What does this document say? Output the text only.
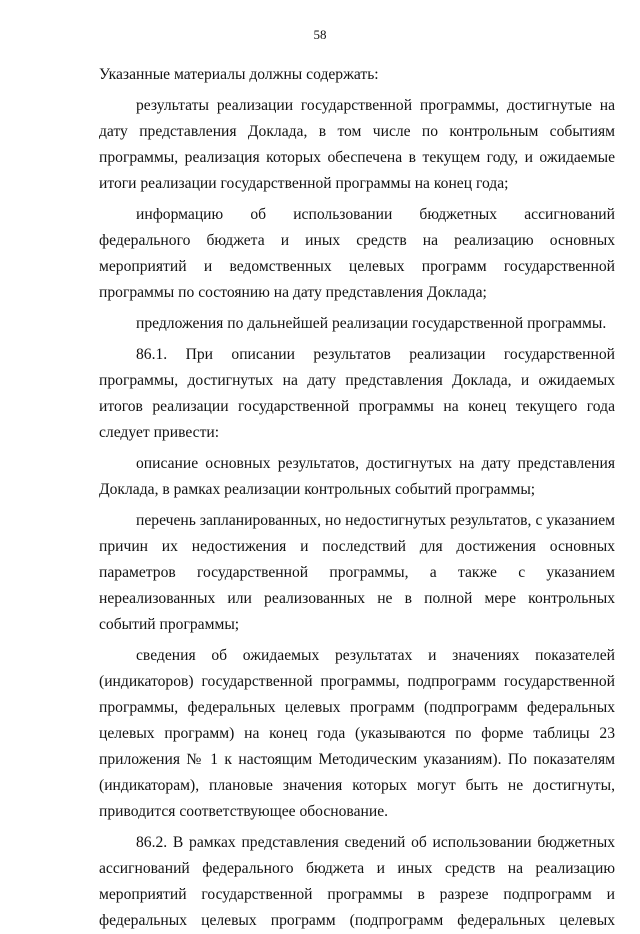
58

Указанные материалы должны содержать:

результаты реализации государственной программы, достигнутые на дату представления Доклада, в том числе по контрольным событиям программы, реализация которых обеспечена в текущем году, и ожидаемые итоги реализации государственной программы на конец года;

информацию об использовании бюджетных ассигнований федерального бюджета и иных средств на реализацию основных мероприятий и ведомственных целевых программ государственной программы по состоянию на дату представления Доклада;

предложения по дальнейшей реализации государственной программы.

86.1. При описании результатов реализации государственной программы, достигнутых на дату представления Доклада, и ожидаемых итогов реализации государственной программы на конец текущего года следует привести:

описание основных результатов, достигнутых на дату представления Доклада, в рамках реализации контрольных событий программы;

перечень запланированных, но недостигнутых результатов, с указанием причин их недостижения и последствий для достижения основных параметров государственной программы, а также с указанием нереализованных или реализованных не в полной мере контрольных событий программы;

сведения об ожидаемых результатах и значениях показателей (индикаторов) государственной программы, подпрограмм государственной программы, федеральных целевых программ (подпрограмм федеральных целевых программ) на конец года (указываются по форме таблицы 23 приложения № 1 к настоящим Методическим указаниям). По показателям (индикаторам), плановые значения которых могут быть не достигнуты, приводится соответствующее обоснование.

86.2. В рамках представления сведений об использовании бюджетных ассигнований федерального бюджета и иных средств на реализацию мероприятий государственной программы в разрезе подпрограмм и федеральных целевых программ (подпрограмм федеральных целевых
